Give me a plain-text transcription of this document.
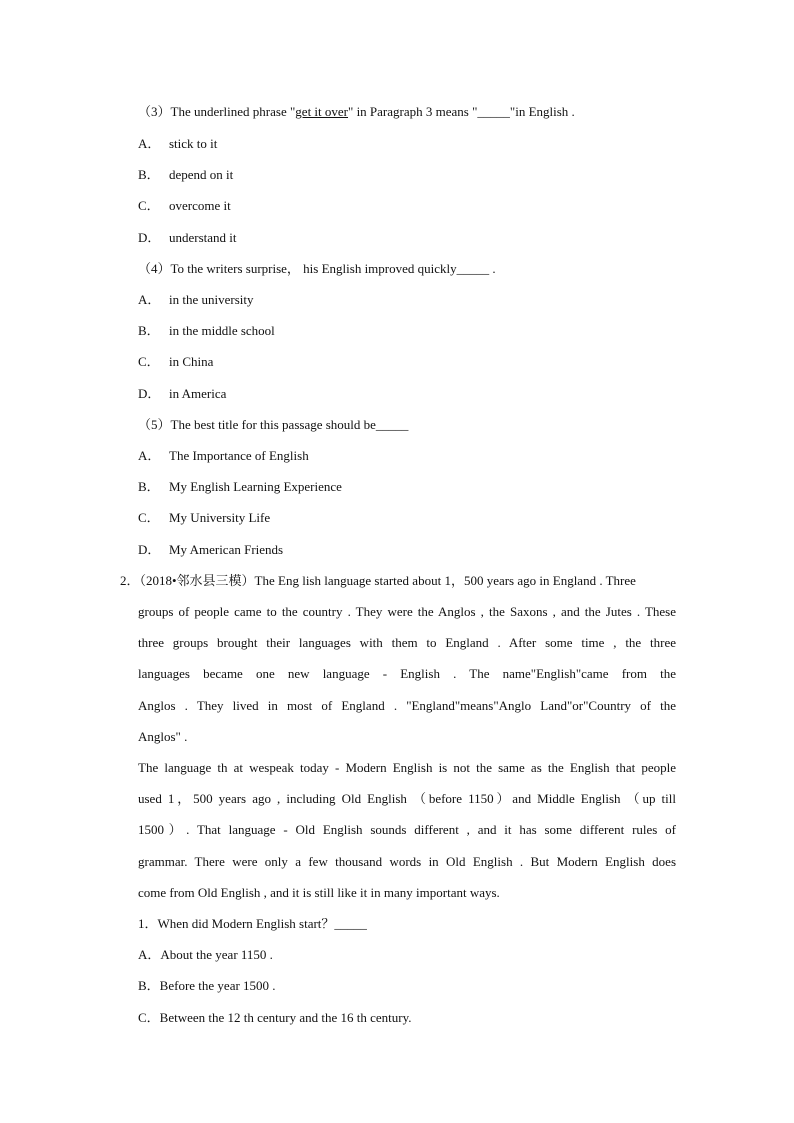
（3）The underlined phrase "get it over" in Paragraph 3 means "_____"in English .
A． stick to it
B． depend on it
C． overcome it
D． understand it
（4）To the writers surprise， his English improved quickly_____ .
A． in the university
B． in the middle school
C． in China
D． in America
（5）The best title for this passage should be_____
A． The Importance of English
B． My English Learning Experience
C． My University Life
D． My American Friends
2．（2018•邻水县三模）The Eng lish language started about 1，500 years ago in England . Three
groups of people came to the country . They were the Anglos , the Saxons , and the Jutes . These
three groups brought their languages with them to England . After some time , the three
languages became one new language - English . The name"English"came from the
Anglos . They lived in most of England . "England"means"Anglo Land"or"Country of the
Anglos" .
The language th at wespeak today - Modern English is not the same as the English that people
used 1，500 years ago , including Old English （before 1150）and Middle English （up till
1500）. That language - Old English sounds different , and it has some different rules of
grammar. There were only a few thousand words in Old English . But Modern English does
come from Old English , and it is still like it in many important ways.
1．When did Modern English start？_____
A．About the year 1150 .
B．Before the year 1500 .
C．Between the 12 th century and the 16 th century.
